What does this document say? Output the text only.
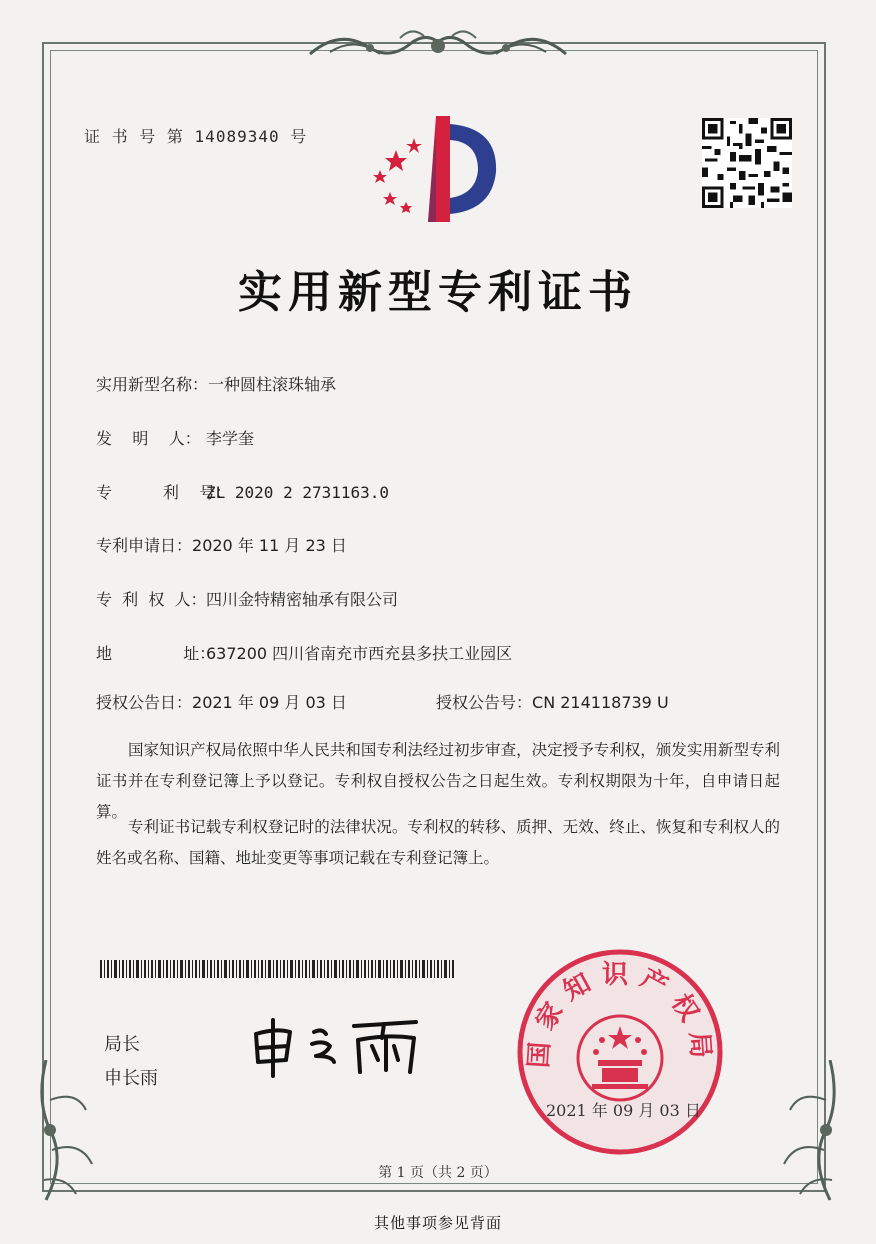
证 书 号 第 14089340 号
实用新型专利证书
实用新型名称：一种圆柱滚珠轴承
发    明    人： 李学奎
专          利    号：ZL 2020 2 2731163.0
专利申请日：2020 年 11 月 23 日
专  利  权  人：四川金特精密轴承有限公司
地              址：637200 四川省南充市西充县多扶工业园区
授权公告日：2021 年 09 月 03 日	授权公告号：CN 214118739 U
国家知识产权局依照中华人民共和国专利法经过初步审查，决定授予专利权，颁发实用新型专利证书并在专利登记簿上予以登记。专利权自授权公告之日起生效。专利权期限为十年，自申请日起算。
专利证书记载专利权登记时的法律状况。专利权的转移、质押、无效、终止、恢复和专利权人的姓名或名称、国籍、地址变更等事项记载在专利登记簿上。
局长
申长雨
国家知识产权局
2021 年 09 月 03 日
第 1 页（共 2 页）
其他事项参见背面
